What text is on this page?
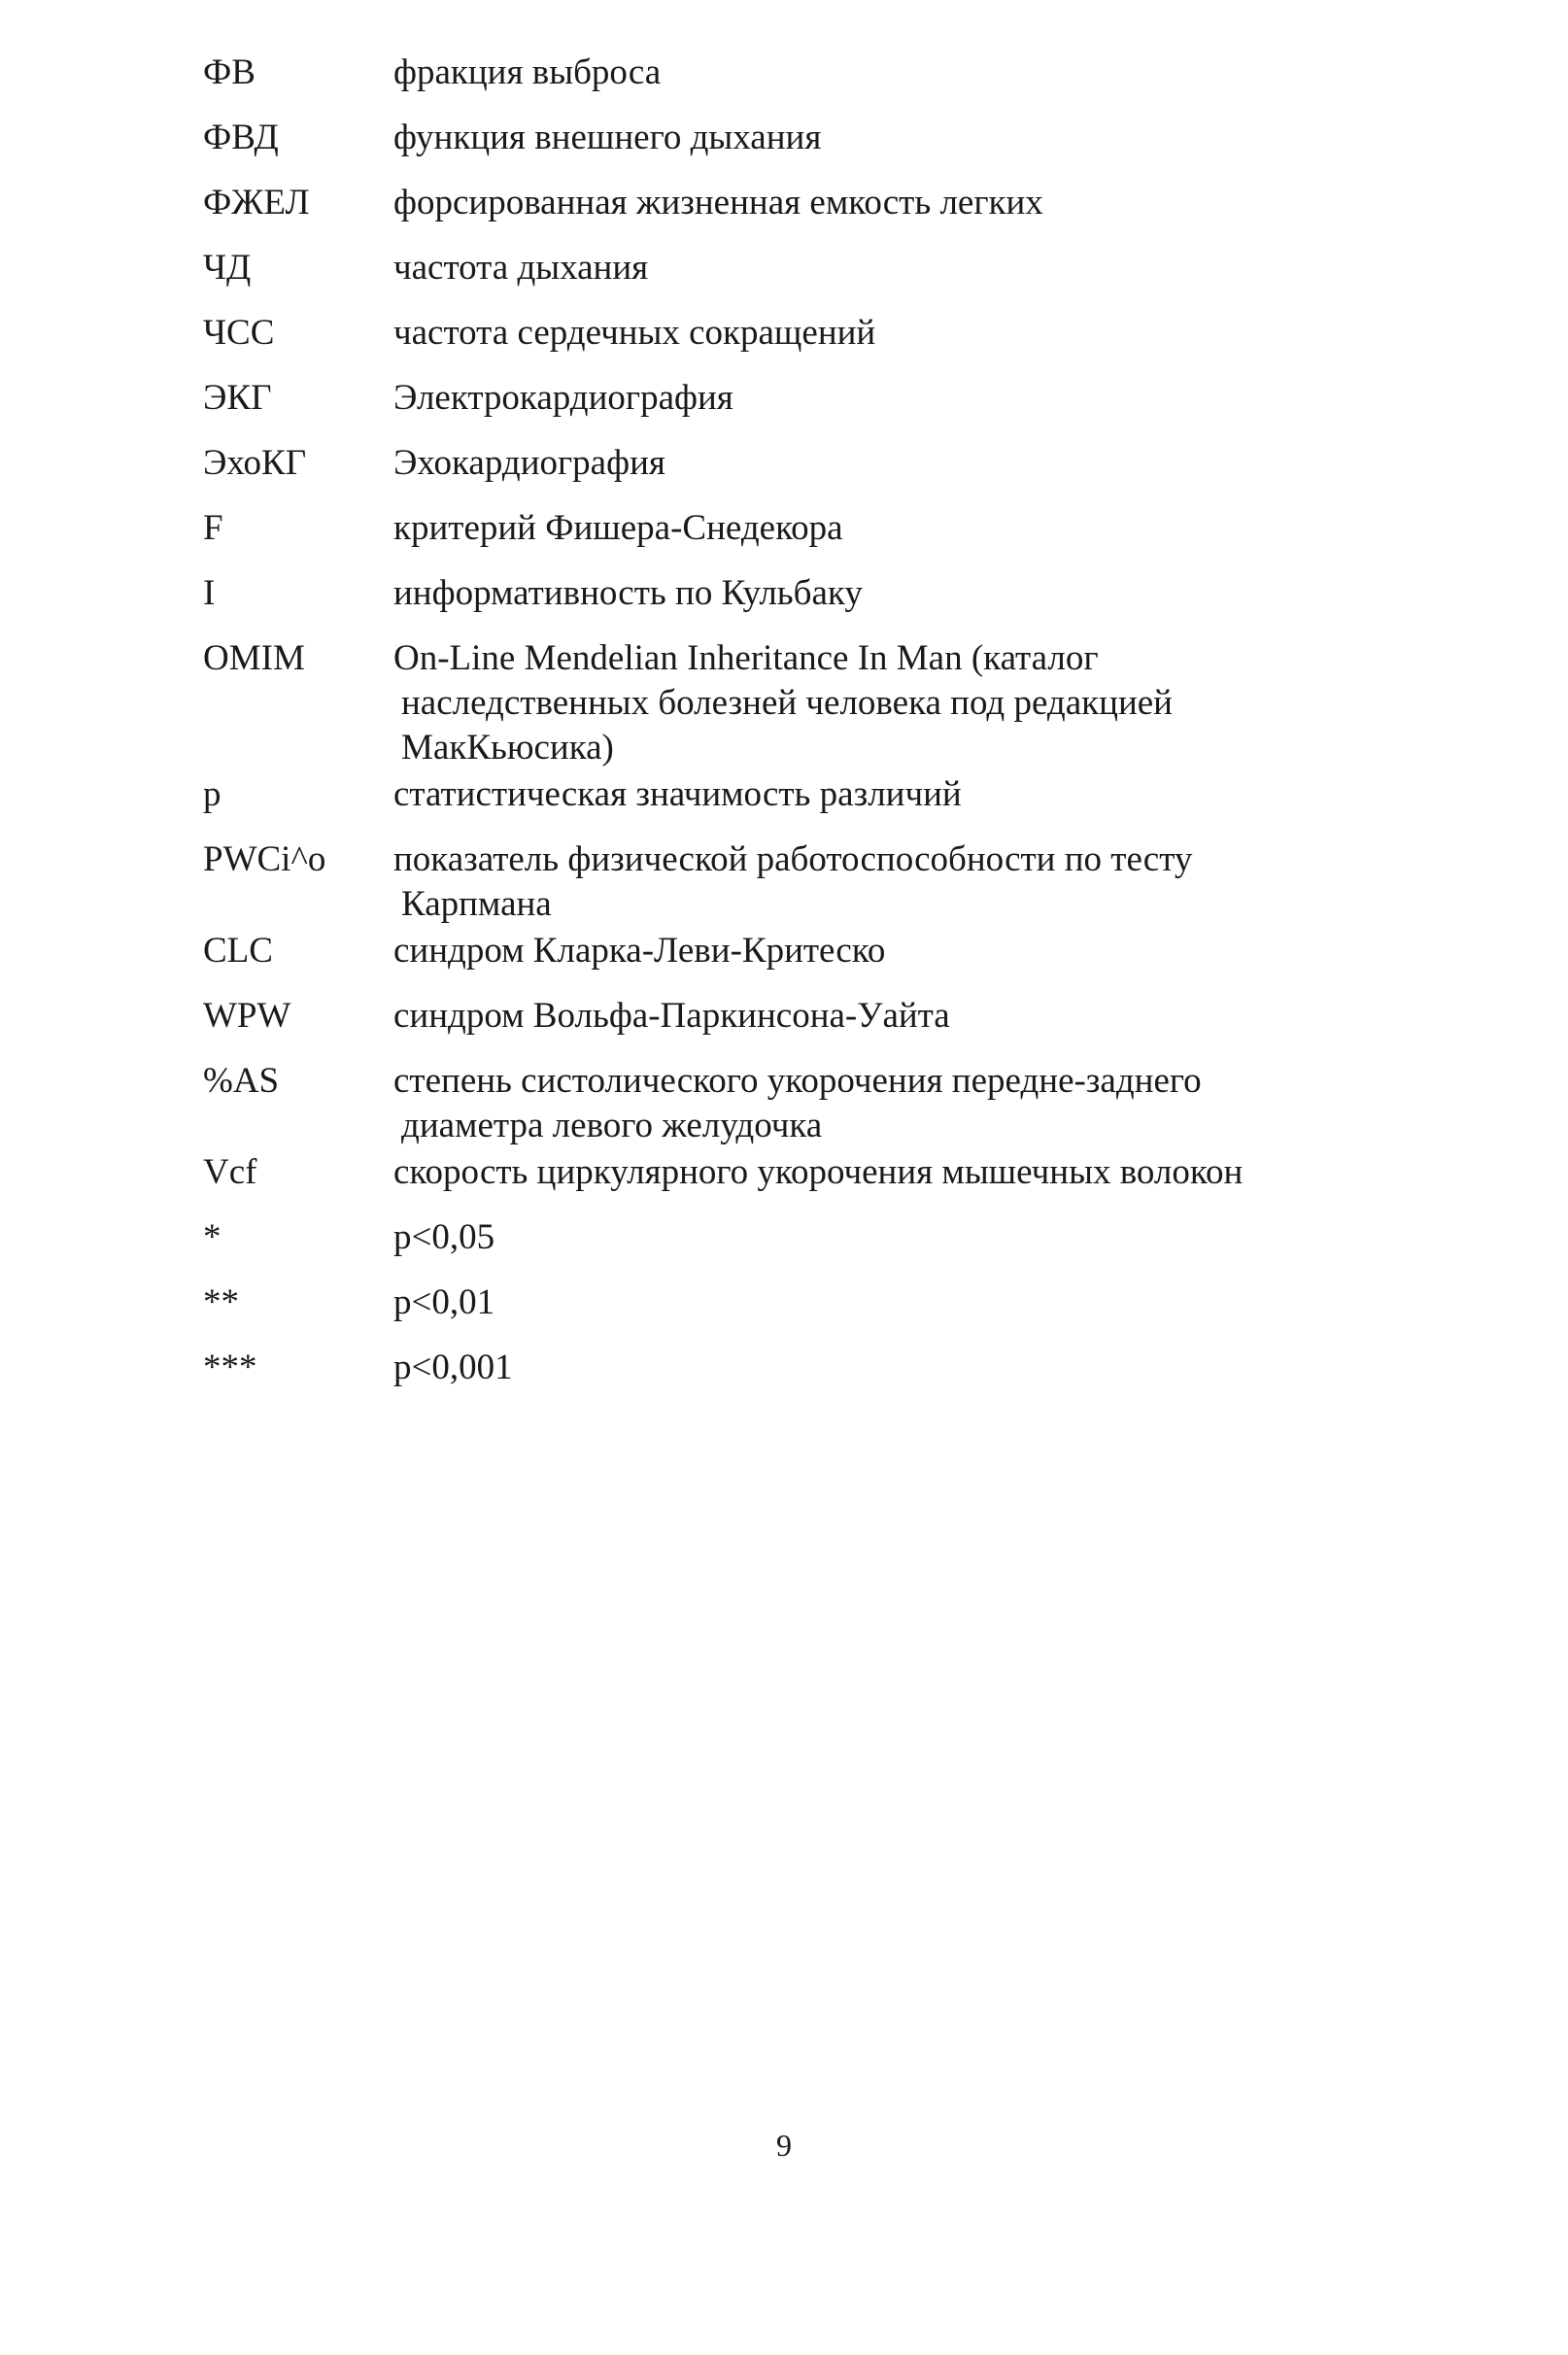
ФВ	фракция выброса
ФВД	функция внешнего дыхания
ФЖЕЛ	форсированная жизненная емкость легких
ЧД	частота дыхания
ЧСС	частота сердечных сокращений
ЭКГ	Электрокардиография
ЭхоКГ	Эхокардиография
F	критерий Фишера-Снедекора
I	информативность по Кульбаку
OMIM	On-Line Mendelian Inheritance In Man (каталог
наследственных болезней человека под редакцией
МакКьюсика)
p	статистическая значимость различий
PWCi^o	показатель физической работоспособности по тесту
Карпмана
CLC	синдром Кларка-Леви-Критеско
WPW	синдром Вольфа-Паркинсона-Уайта
%AS	степень систолического укорочения передне-заднего
диаметра левого желудочка
Vcf	скорость циркулярного укорочения мышечных волокон
*	p<0,05
**	p<0,01
***	p<0,001
9
